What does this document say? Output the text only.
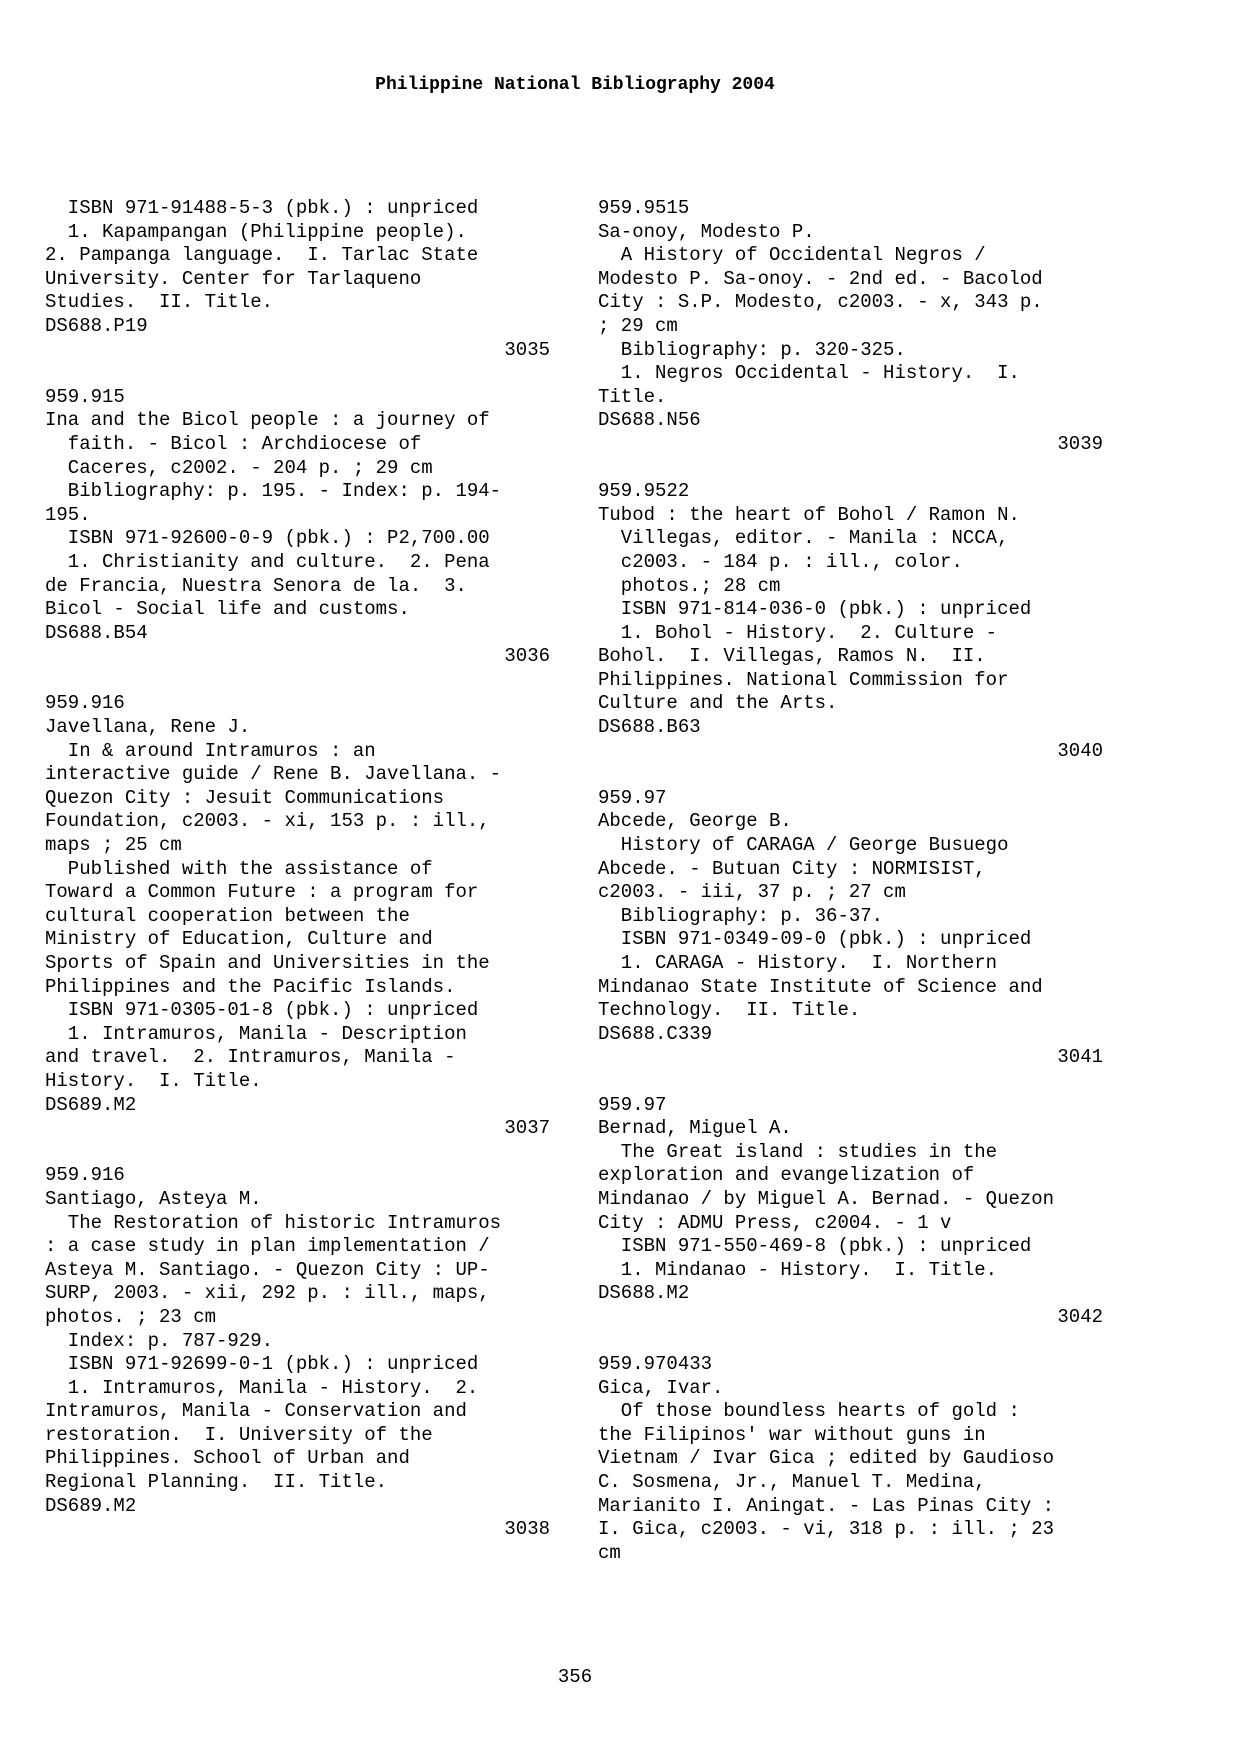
Philippine National Bibliography 2004
ISBN 971-91488-5-3 (pbk.) : unpriced
1. Kapampangan (Philippine people).
2. Pampanga language.  I. Tarlac State
University. Center for Tarlaqueno
Studies.  II. Title.
DS688.P19
3035
959.915
Ina and the Bicol people : a journey of
faith. - Bicol : Archdiocese of
Caceres, c2002. - 204 p. ; 29 cm
Bibliography: p. 195. - Index: p. 194-
195.
ISBN 971-92600-0-9 (pbk.) : P2,700.00
1. Christianity and culture.  2. Pena
de Francia, Nuestra Senora de la.  3.
Bicol - Social life and customs.
DS688.B54
3036
959.916
Javellana, Rene J.
In & around Intramuros : an
interactive guide / Rene B. Javellana. -
Quezon City : Jesuit Communications
Foundation, c2003. - xi, 153 p. : ill.,
maps ; 25 cm
Published with the assistance of
Toward a Common Future : a program for
cultural cooperation between the
Ministry of Education, Culture and
Sports of Spain and Universities in the
Philippines and the Pacific Islands.
ISBN 971-0305-01-8 (pbk.) : unpriced
1. Intramuros, Manila - Description
and travel.  2. Intramuros, Manila -
History.  I. Title.
DS689.M2
3037
959.916
Santiago, Asteya M.
The Restoration of historic Intramuros
: a case study in plan implementation /
Asteya M. Santiago. - Quezon City : UP-
SURP, 2003. - xii, 292 p. : ill., maps,
photos. ; 23 cm
Index: p. 787-929.
ISBN 971-92699-0-1 (pbk.) : unpriced
1. Intramuros, Manila - History.  2.
Intramuros, Manila - Conservation and
restoration.  I. University of the
Philippines. School of Urban and
Regional Planning.  II. Title.
DS689.M2
3038
959.9515
Sa-onoy, Modesto P.
A History of Occidental Negros /
Modesto P. Sa-onoy. - 2nd ed. - Bacolod
City : S.P. Modesto, c2003. - x, 343 p.
; 29 cm
Bibliography: p. 320-325.
1. Negros Occidental - History.  I.
Title.
DS688.N56
3039
959.9522
Tubod : the heart of Bohol / Ramon N.
Villegas, editor. - Manila : NCCA,
c2003. - 184 p. : ill., color.
photos.; 28 cm
ISBN 971-814-036-0 (pbk.) : unpriced
1. Bohol - History.  2. Culture -
Bohol.  I. Villegas, Ramos N.  II.
Philippines. National Commission for
Culture and the Arts.
DS688.B63
3040
959.97
Abcede, George B.
History of CARAGA / George Busuego
Abcede. - Butuan City : NORMISIST,
c2003. - iii, 37 p. ; 27 cm
Bibliography: p. 36-37.
ISBN 971-0349-09-0 (pbk.) : unpriced
1. CARAGA - History.  I. Northern
Mindanao State Institute of Science and
Technology.  II. Title.
DS688.C339
3041
959.97
Bernad, Miguel A.
The Great island : studies in the
exploration and evangelization of
Mindanao / by Miguel A. Bernad. - Quezon
City : ADMU Press, c2004. - 1 v
ISBN 971-550-469-8 (pbk.) : unpriced
1. Mindanao - History.  I. Title.
DS688.M2
3042
959.970433
Gica, Ivar.
Of those boundless hearts of gold :
the Filipinos' war without guns in
Vietnam / Ivar Gica ; edited by Gaudioso
C. Sosmena, Jr., Manuel T. Medina,
Marianito I. Aningat. - Las Pinas City :
I. Gica, c2003. - vi, 318 p. : ill. ; 23
cm
356
